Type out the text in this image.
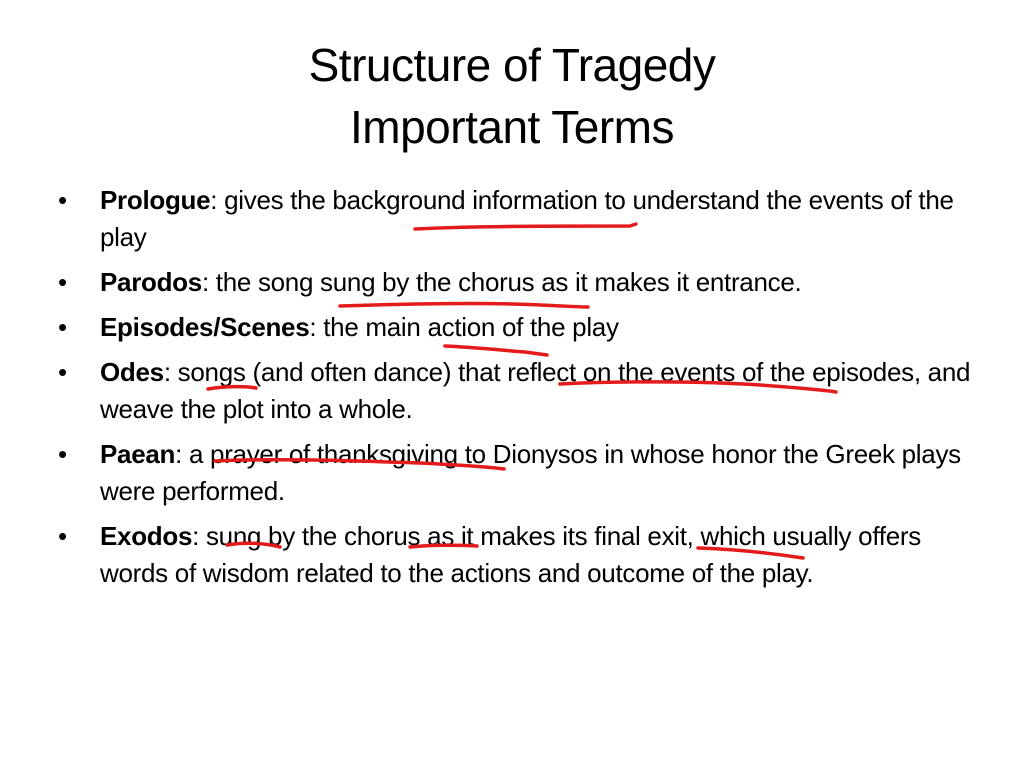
Structure of Tragedy
Important Terms
• Prologue: gives the background information to understand the events of the play
• Parodos: the song sung by the chorus as it makes it entrance.
• Episodes/Scenes: the main action of the play
• Odes: songs (and often dance) that reflect on the events of the episodes, and weave the plot into a whole.
• Paean: a prayer of thanksgiving to Dionysos in whose honor the Greek plays were performed.
• Exodos: sung by the chorus as it makes its final exit, which usually offers words of wisdom related to the actions and outcome of the play.
